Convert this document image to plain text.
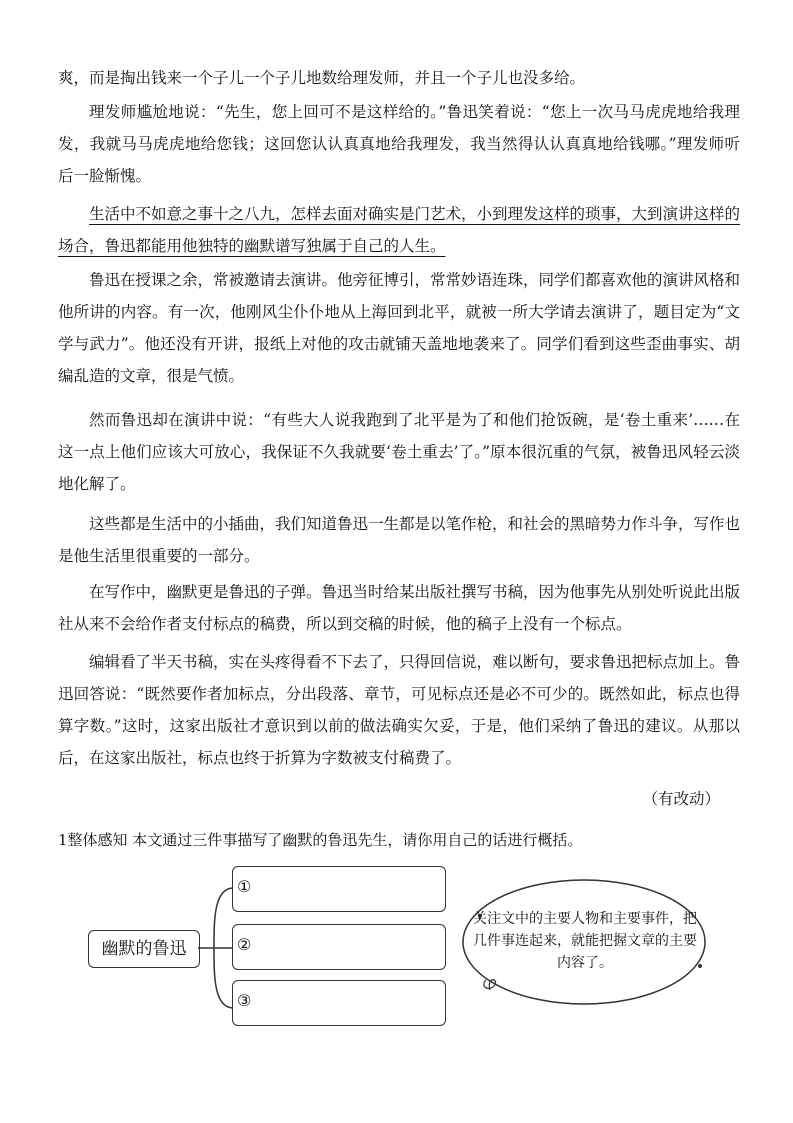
爽，而是掏出钱来一个子儿一个子儿地数给理发师，并且一个子儿也没多给。

理发师尴尬地说：“先生，您上回可不是这样给的。”鲁迅笑着说：“您上一次马马虎虎地给我理发，我就马马虎虎地给您钱；这回您认认真真地给我理发，我当然得认认真真地给钱哪。”理发师听后一脸惭愧。

生活中不如意之事十之八九，怎样去面对确实是门艺术，小到理发这样的琐事，大到演讲这样的场合，鲁迅都能用他独特的幽默谱写独属于自己的人生。

鲁迅在授课之余，常被邀请去演讲。他旁征博引，常常妙语连珠，同学们都喜欢他的演讲风格和他所讲的内容。有一次，他刚风尘仆仆地从上海回到北平，就被一所大学请去演讲了，题目定为“文学与武力”。他还没有开讲，报纸上对他的攻击就铺天盖地地袭来了。同学们看到这些歪曲事实、胡编乱造的文章，很是气愤。

然而鲁迅却在演讲中说：“有些大人说我跑到了北平是为了和他们抢饭碗，是‘卷土重来’……在这一点上他们应该大可放心，我保证不久我就要‘卷土重去’了。”原本很沉重的气氛，被鲁迅风轻云淡地化解了。

这些都是生活中的小插曲，我们知道鲁迅一生都是以笔作枪，和社会的黑暗势力作斗争，写作也是他生活里很重要的一部分。

在写作中，幽默更是鲁迅的子弹。鲁迅当时给某出版社撰写书稿，因为他事先从别处听说此出版社从来不会给作者支付标点的稿费，所以到交稿的时候，他的稿子上没有一个标点。

编辑看了半天书稿，实在头疼得看不下去了，只得回信说，难以断句，要求鲁迅把标点加上。鲁迅回答说：“既然要作者加标点，分出段落、章节，可见标点还是必不可少的。既然如此，标点也得算字数。”这时，这家出版社才意识到以前的做法确实欠妥，于是，他们采纳了鲁迅的建议。从那以后，在这家出版社，标点也终于折算为字数被支付稿费了。

（有改动）
1整体感知 本文通过三件事描写了幽默的鲁迅先生，请你用自己的话进行概括。
幽默的鲁迅
①
②
③
关注文中的主要人物和主要事件，把几件事连起来，就能把握文章的主要内容了。
